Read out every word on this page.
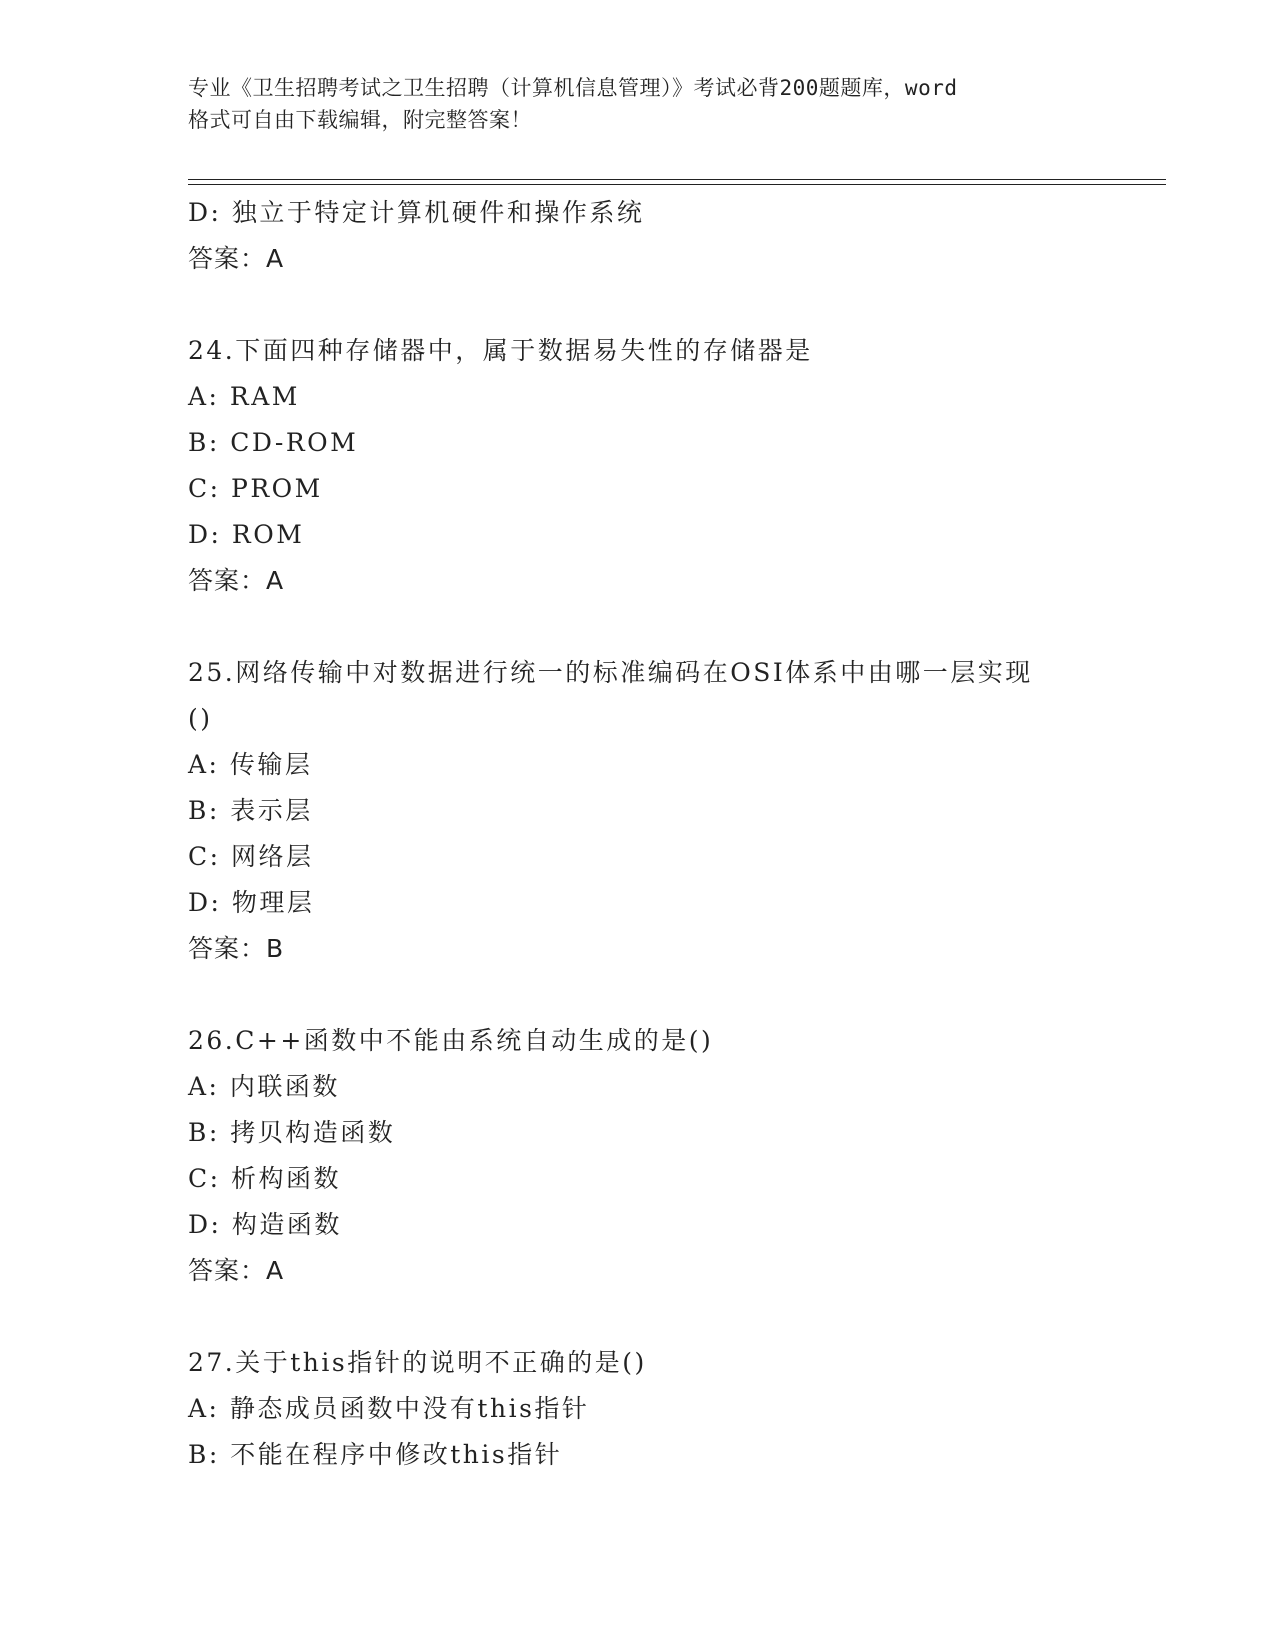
专业《卫生招聘考试之卫生招聘（计算机信息管理）》考试必背200题题库，word
格式可自由下载编辑，附完整答案！
D: 独立于特定计算机硬件和操作系统
答案：A
24.下面四种存储器中，属于数据易失性的存储器是
A: RAM
B: CD-ROM
C: PROM
D: ROM
答案：A
25.网络传输中对数据进行统一的标准编码在OSI体系中由哪一层实现
()
A: 传输层
B: 表示层
C: 网络层
D: 物理层
答案：B
26.C++函数中不能由系统自动生成的是()
A: 内联函数
B: 拷贝构造函数
C: 析构函数
D: 构造函数
答案：A
27.关于this指针的说明不正确的是()
A: 静态成员函数中没有this指针
B: 不能在程序中修改this指针
